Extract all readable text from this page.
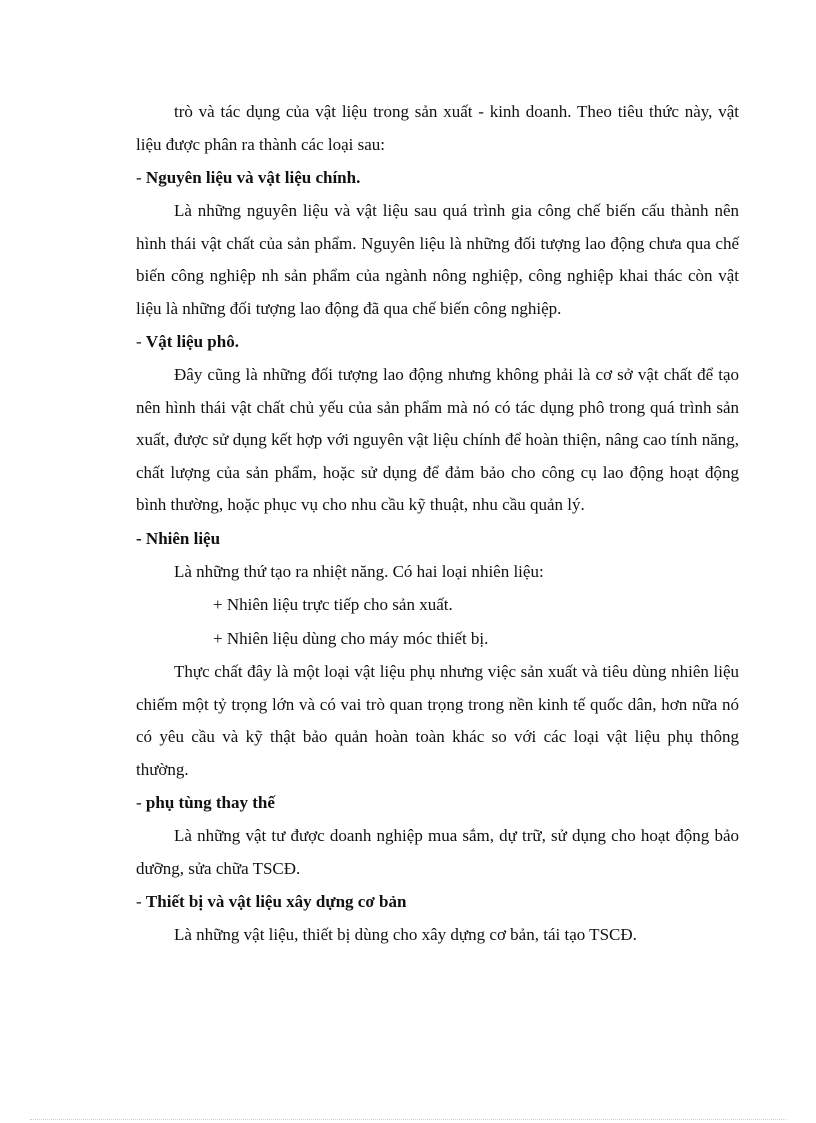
trò và tác dụng của vật liệu trong sản xuất - kinh doanh. Theo tiêu thức này, vật liệu được phân ra thành các loại sau:

- Nguyên liệu và vật liệu chính.

Là những nguyên liệu và vật liệu sau quá trình gia công chế biến cấu thành nên hình thái vật chất của sản phẩm. Nguyên liệu là những đối tượng lao động chưa qua chế biến công nghiệp nh sản phẩm của ngành nông nghiệp, công nghiệp khai thác còn vật liệu là những đối tượng lao động đã qua chế biến công nghiệp.

- Vật liệu phô.

Đây cũng là những đối tượng lao động nhưng không phải là cơ sở vật chất để tạo nên hình thái vật chất chủ yếu của sản phẩm mà nó có tác dụng phô trong quá trình sản xuất, được sử dụng kết hợp với nguyên vật liệu chính để hoàn thiện, nâng cao tính năng, chất lượng của sản phẩm, hoặc sử dụng để đảm bảo cho công cụ lao động hoạt động bình thường, hoặc phục vụ cho nhu cầu kỹ thuật, nhu cầu quản lý.

- Nhiên liệu

Là những thứ tạo ra nhiệt năng. Có hai loại nhiên liệu:

+ Nhiên liệu trực tiếp cho sản xuất.

+ Nhiên liệu dùng cho máy móc thiết bị.

Thực chất đây là một loại vật liệu phụ nhưng việc sản xuất và tiêu dùng nhiên liệu chiếm một tỷ trọng lớn và có vai trò quan trọng trong nền kinh tế quốc dân, hơn nữa nó có yêu cầu và kỹ thật bảo quản hoàn toàn khác so với các loại vật liệu phụ thông thường.

- phụ tùng thay thế

Là những vật tư được doanh nghiệp mua sắm, dự trữ, sử dụng cho hoạt động bảo dưỡng, sửa chữa TSCĐ.

- Thiết bị và vật liệu xây dựng cơ bản

Là những vật liệu, thiết bị dùng cho xây dựng cơ bản, tái tạo TSCĐ.
